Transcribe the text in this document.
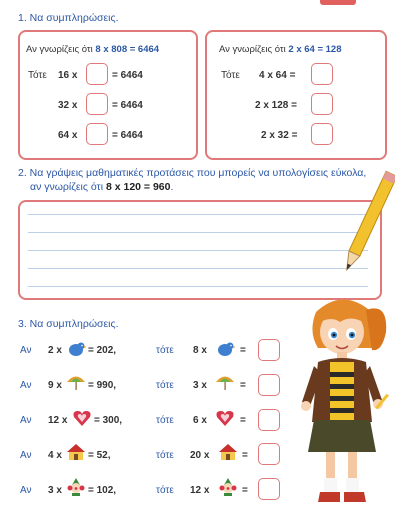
1. Να συμπληρώσεις.
Αν γνωρίζεις ότι 8 x 808 = 6464
Τότε 16 x	= 6464
32 x	= 6464
64 x	= 6464
Αν γνωρίζεις ότι 2 x 64 = 128
Τότε 4 x 64 =
2 x 128 =
2 x 32 =
2. Να γράψεις μαθηματικές προτάσεις που μπορείς να υπολογίσεις εύκολα,
αν γνωρίζεις ότι 8 x 120 = 960.
3. Να συμπληρώσεις.
Αν 2 x	= 202,	τότε 8 x	=
Αν 9 x	= 990,	τότε 3 x	=
Αν 12 x	= 300,	τότε 6 x	=
Αν 4 x	= 52,	τότε 20 x	=
Αν 3 x	= 102,	τότε 12 x	=
